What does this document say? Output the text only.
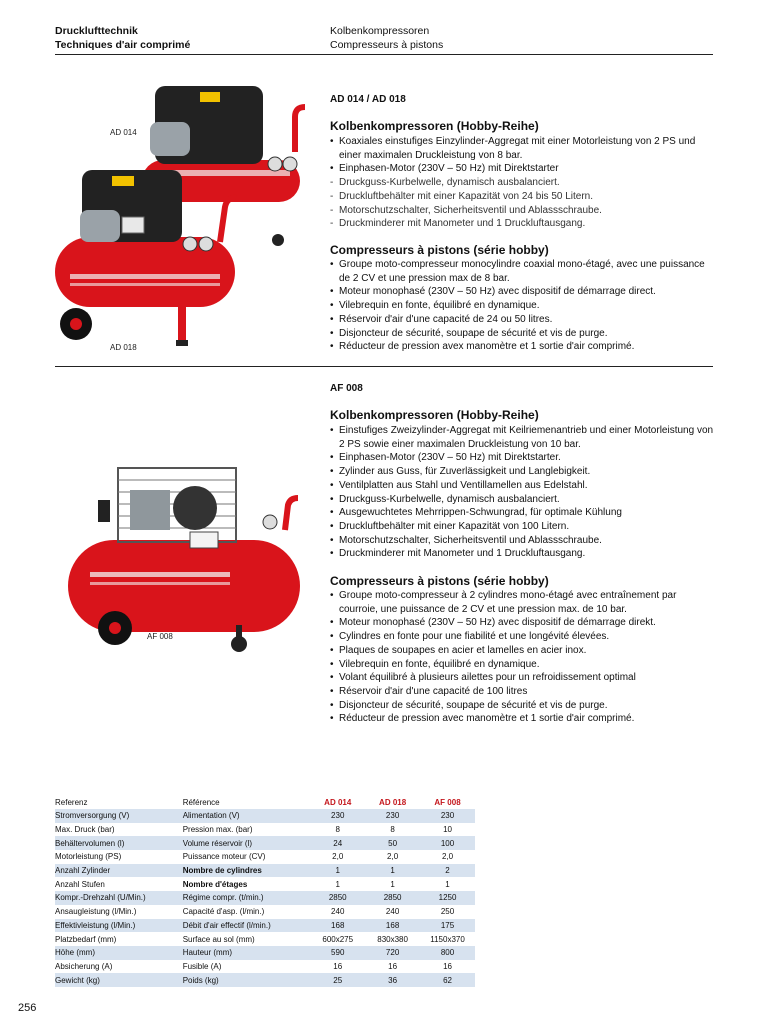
Drucklufttechnik
Techniques d'air comprimé
Kolbenkompressoren
Compresseurs à pistons
AD 014
AD 018
AD 014 / AD 018
Kolbenkompressoren (Hobby-Reihe)
• Koaxiales einstufiges Einzylinder-Aggregat mit einer Motorleistung von 2 PS und einer maximalen Druckleistung von 8 bar.
• Einphasen-Motor (230V – 50 Hz) mit Direktstarter
- Druckguss-Kurbelwelle, dynamisch ausbalanciert.
- Druckluftbehälter mit einer Kapazität von 24 bis 50 Litern.
- Motorschutzschalter, Sicherheitsventil und Ablassschraube.
- Druckminderer mit Manometer und 1 Druckluftausgang.
Compresseurs à pistons (série hobby)
• Groupe moto-compresseur monocylindre coaxial mono-étagé, avec une puissance de 2 CV et une pression max de 8 bar.
• Moteur monophasé (230V – 50 Hz) avec dispositif de démarrage direct.
• Vilebrequin en fonte, équilibré en dynamique.
• Réservoir d'air d'une capacité de 24 ou 50 litres.
• Disjoncteur de sécurité, soupape de sécurité et vis de purge.
• Réducteur de pression avex manomètre et 1 sortie d'air comprimé.
AF 008
AF 008
Kolbenkompressoren (Hobby-Reihe)
• Einstufiges Zweizylinder-Aggregat mit Keilriemenantrieb und einer Motorleistung von 2 PS sowie einer maximalen Druckleistung von 10 bar.
• Einphasen-Motor (230V – 50 Hz) mit Direktstarter.
• Zylinder aus Guss, für Zuverlässigkeit und Langlebigkeit.
• Ventilplatten aus Stahl und Ventillamellen aus Edelstahl.
• Druckguss-Kurbelwelle, dynamisch ausbalanciert.
• Ausgewuchtetes Mehrrippen-Schwungrad, für optimale Kühlung
• Druckluftbehälter mit einer Kapazität von 100 Litern.
• Motorschutzschalter, Sicherheitsventil und Ablassschraube.
• Druckminderer mit Manometer und 1 Druckluftausgang.
Compresseurs à pistons (série hobby)
• Groupe moto-compresseur à 2 cylindres mono-étagé avec entraînement par courroie, une puissance de 2 CV et une pression max. de 10 bar.
• Moteur monophasé (230V – 50 Hz) avec dispositif de démarrage direkt.
• Cylindres en fonte pour une fiabilité et une longévité élevées.
• Plaques de soupapes en acier et lamelles en acier inox.
• Vilebrequin en fonte, équilibré en dynamique.
• Volant équilibré à plusieurs ailettes pour un refroidissement optimal
• Réservoir d'air d'une capacité de 100 litres
• Disjoncteur de sécurité, soupape de sécurité et vis de purge.
• Réducteur de pression avec manomètre et 1 sortie d'air comprimé.
Referenz	Référence	AD 014	AD 018	AF 008
Stromversorgung (V)	Alimentation (V)	230	230	230
Max. Druck (bar)	Pression max. (bar)	8	8	10
Behältervolumen (l)	Volume réservoir (l)	24	50	100
Motorleistung (PS)	Puissance moteur (CV)	2,0	2,0	2,0
Anzahl Zylinder	Nombre de cylindres	1	1	2
Anzahl Stufen	Nombre d'étages	1	1	1
Kompr.-Drehzahl (U/Min.)	Régime compr. (t/min.)	2850	2850	1250
Ansaugleistung (l/Min.)	Capacité d'asp. (l/min.)	240	240	250
Effektivleistung (l/Min.)	Débit d'air effectif (l/min.)	168	168	175
Platzbedarf (mm)	Surface au sol (mm)	600x275	830x380	1150x370
Höhe (mm)	Hauteur (mm)	590	720	800
Absicherung (A)	Fusible (A)	16	16	16
Gewicht (kg)	Poids (kg)	25	36	62
256
